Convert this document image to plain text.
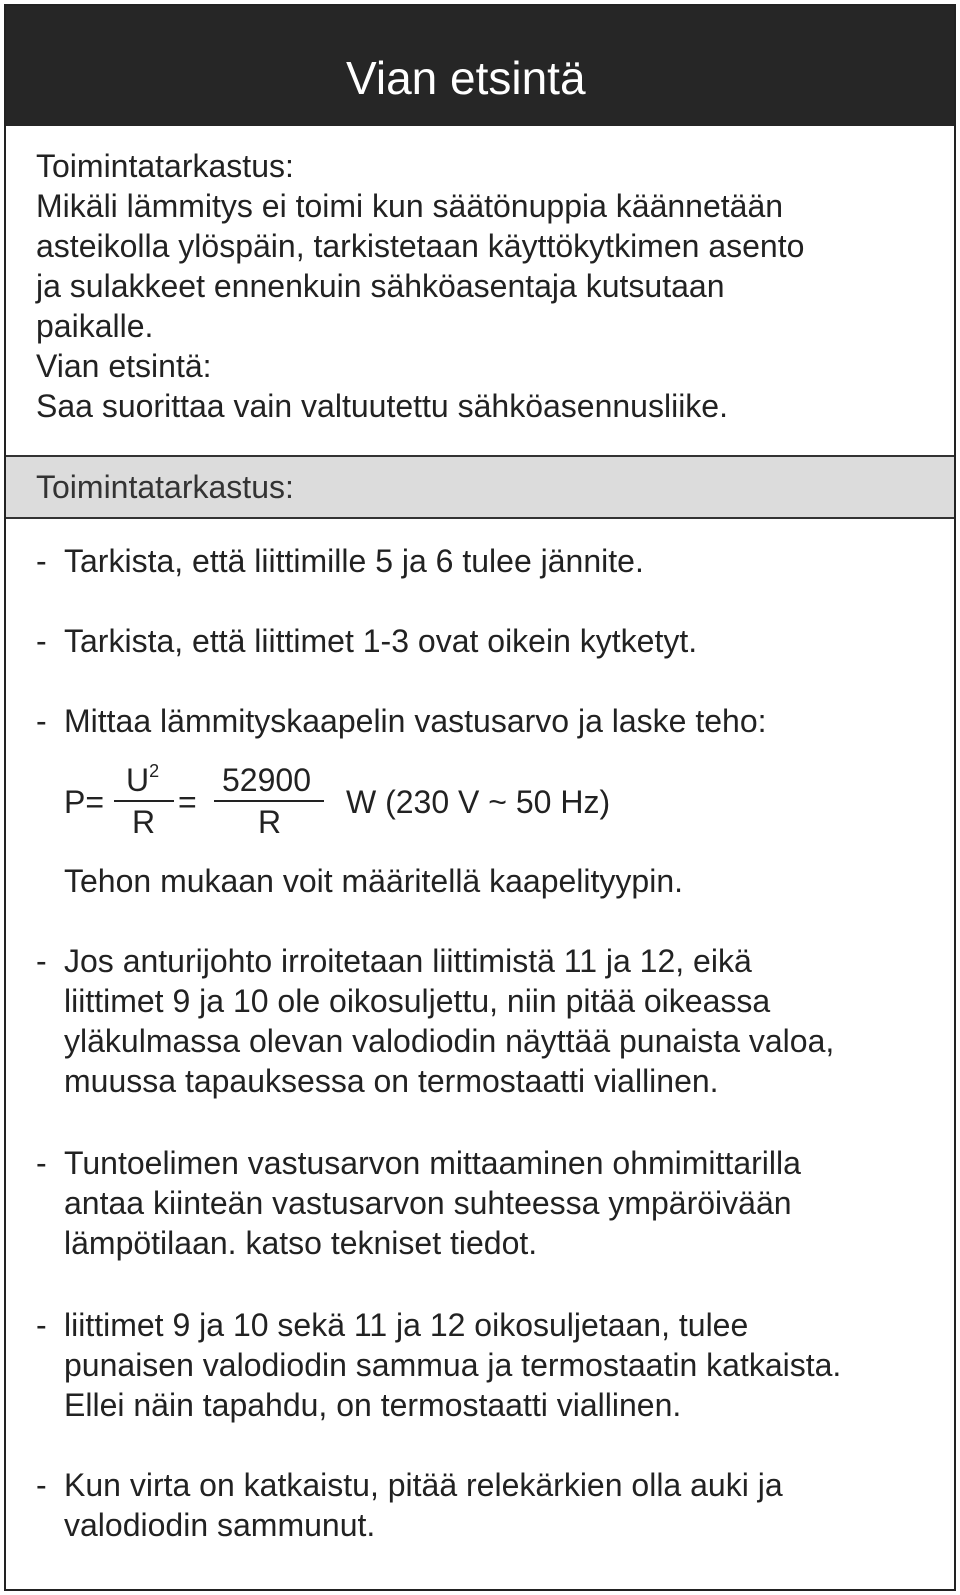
Vian etsintä
Toimintatarkastus:
Mikäli lämmitys ei toimi kun säätönuppia käännetään
asteikolla ylöspäin, tarkistetaan käyttökytkimen asento
ja sulakkeet ennenkuin sähköasentaja kutsutaan
paikalle.
Vian etsintä:
Saa suorittaa vain valtuutettu sähköasennusliike.
Toimintatarkastus:
- Tarkista, että liittimille 5 ja 6 tulee jännite.
- Tarkista, että liittimet 1-3 ovat oikein kytketyt.
- Mittaa lämmityskaapelin vastusarvo ja laske teho:
P=
$U^2$
R
=
52900
R
W (230 V ~ 50 Hz)
Tehon mukaan voit määritellä kaapelityypin.
- Jos anturijohto irroitetaan liittimistä 11 ja 12, eikä
liittimet 9 ja 10 ole oikosuljettu, niin pitää oikeassa
yläkulmassa olevan valodiodin näyttää punaista valoa,
muussa tapauksessa on termostaatti viallinen.
- Tuntoelimen vastusarvon mittaaminen ohmimittarilla
antaa kiinteän vastusarvon suhteessa ympäröivään
lämpötilaan. katso tekniset tiedot.
- liittimet 9 ja 10 sekä 11 ja 12 oikosuljetaan, tulee
punaisen valodiodin sammua ja termostaatin katkaista.
Ellei näin tapahdu, on termostaatti viallinen.
- Kun virta on katkaistu, pitää relekärkien olla auki ja
valodiodin sammunut.
